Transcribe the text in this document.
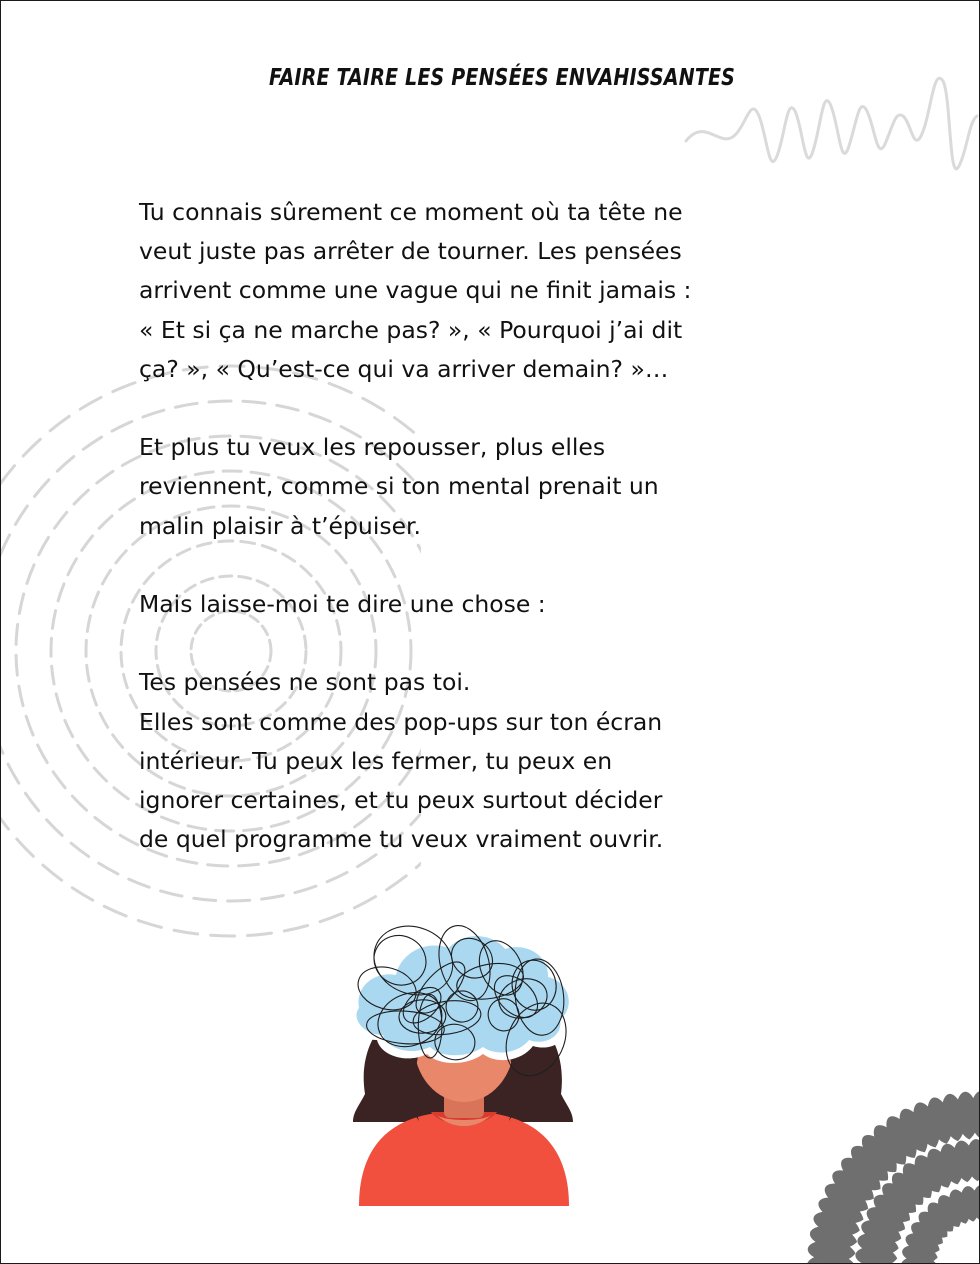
FAIRE TAIRE LES PENSÉES ENVAHISSANTES

Tu connais sûrement ce moment où ta tête ne

veut juste pas arrêter de tourner. Les pensées

arrivent comme une vague qui ne finit jamais :

« Et si ça ne marche pas? », « Pourquoi j’ai dit

ça? », « Qu’est-ce qui va arriver demain? »…

Et plus tu veux les repousser, plus elles

reviennent, comme si ton mental prenait un

malin plaisir à t’épuiser.

Mais laisse-moi te dire une chose :

Tes pensées ne sont pas toi.

Elles sont comme des pop-ups sur ton écran

intérieur. Tu peux les fermer, tu peux en

ignorer certaines, et tu peux surtout décider

de quel programme tu veux vraiment ouvrir.
